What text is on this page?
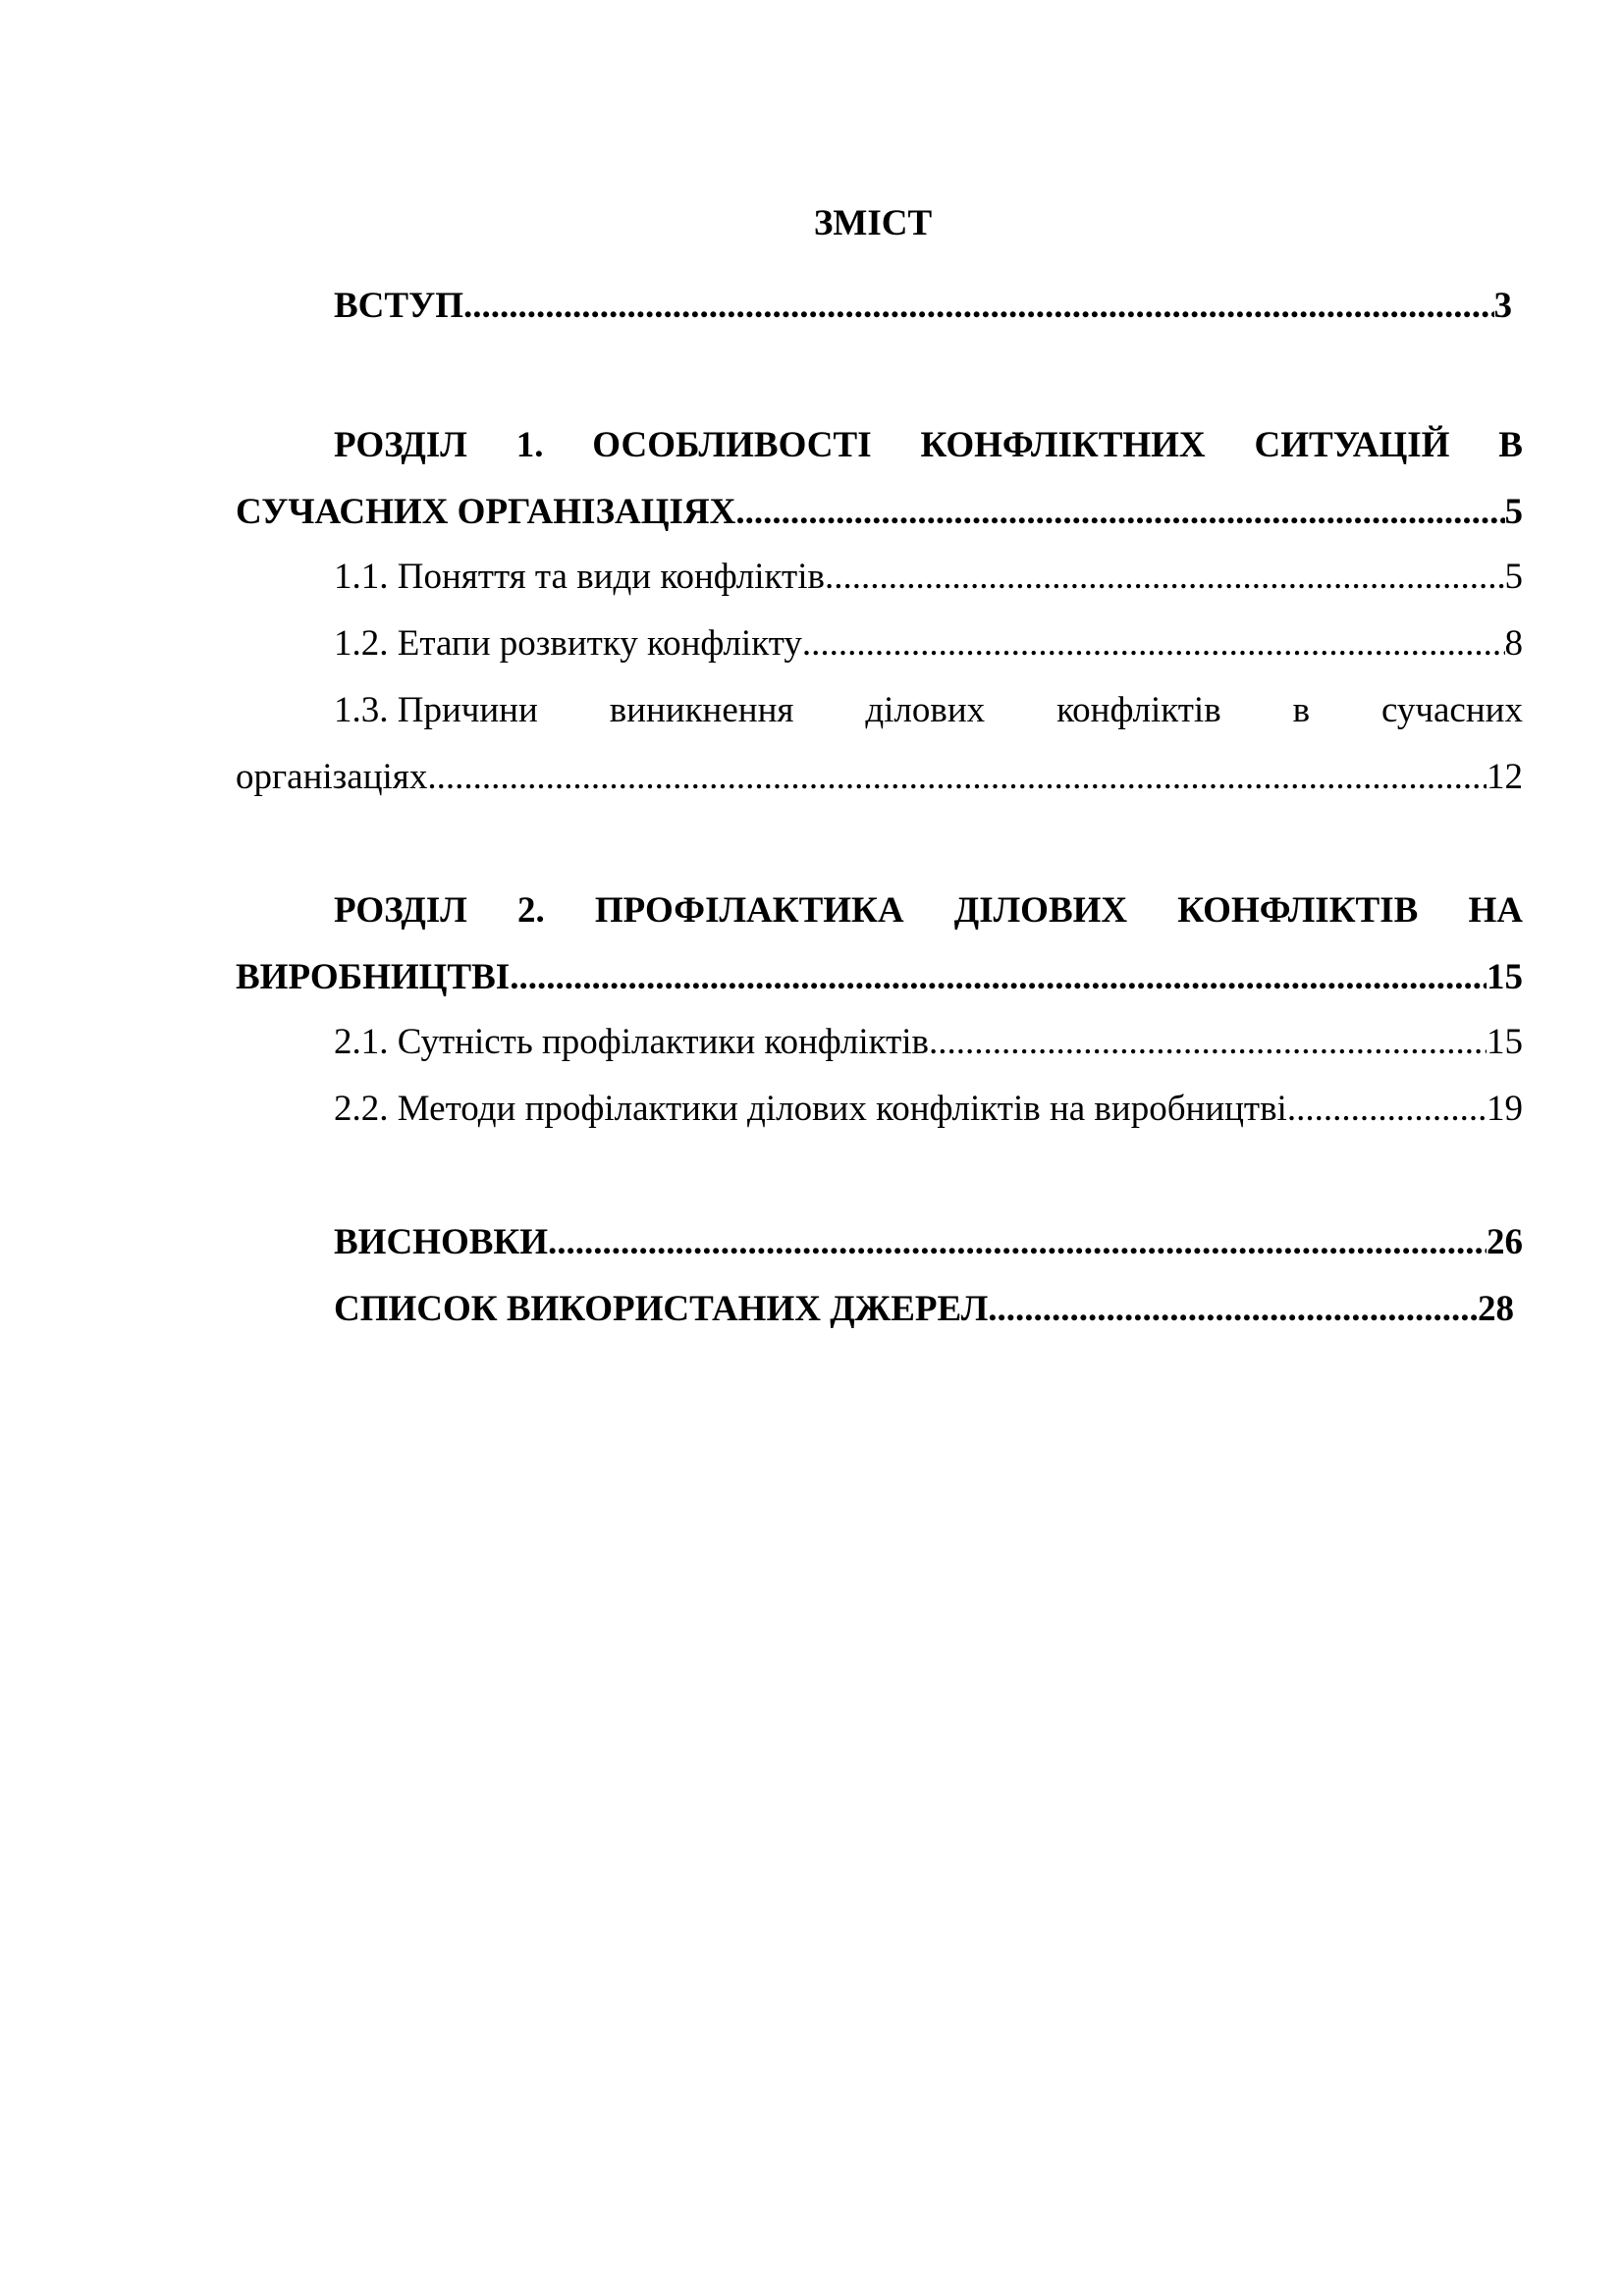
ЗМІСТ
ВСТУП .....	3
РОЗДІЛ 1. ОСОБЛИВОСТІ КОНФЛІКТНИХ СИТУАЦІЙ В
СУЧАСНИХ ОРГАНІЗАЦІЯХ .....	5
1.1. Поняття та види конфліктів .....	5
1.2. Етапи розвитку конфлікту .....	8
1.3. Причини виникнення ділових конфліктів в сучасних
організаціях .....	12
РОЗДІЛ 2. ПРОФІЛАКТИКА ДІЛОВИХ КОНФЛІКТІВ НА
ВИРОБНИЦТВІ .....	15
2.1. Сутність профілактики конфліктів .....	15
2.2. Методи профілактики ділових конфліктів на виробництві .....	19
ВИСНОВКИ .....	26
СПИСОК ВИКОРИСТАНИХ ДЖЕРЕЛ .....	28
